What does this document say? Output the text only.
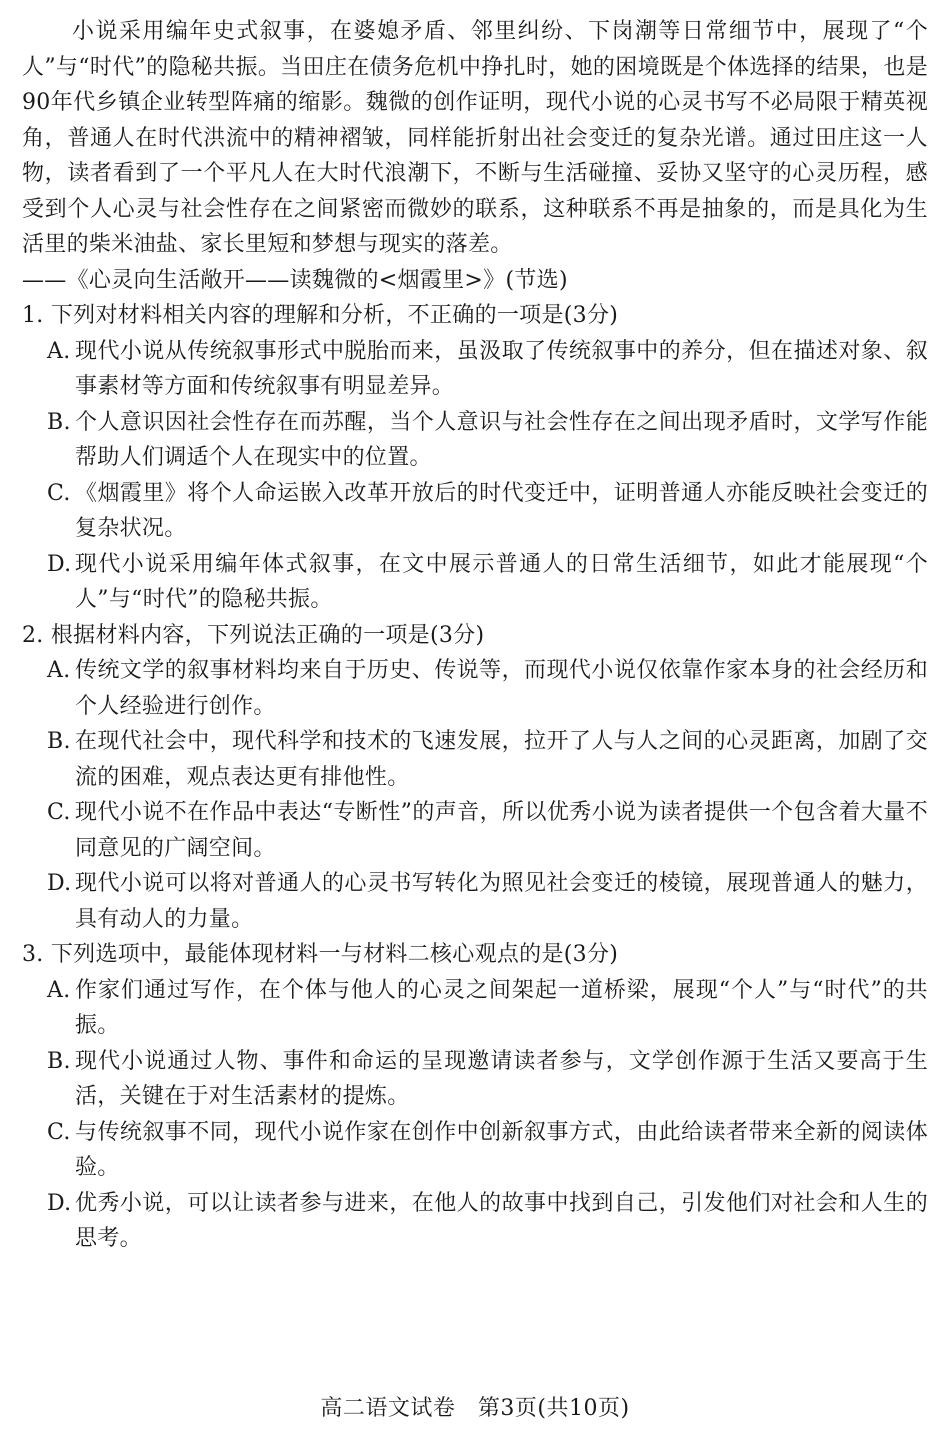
小说采用编年史式叙事，在婆媳矛盾、邻里纠纷、下岗潮等日常细节中，展现了“个人”与“时代”的隐秘共振。当田庄在债务危机中挣扎时，她的困境既是个体选择的结果，也是90年代乡镇企业转型阵痛的缩影。魏微的创作证明，现代小说的心灵书写不必局限于精英视角，普通人在时代洪流中的精神褶皱，同样能折射出社会变迁的复杂光谱。通过田庄这一人物，读者看到了一个平凡人在大时代浪潮下，不断与生活碰撞、妥协又坚守的心灵历程，感受到个人心灵与社会性存在之间紧密而微妙的联系，这种联系不再是抽象的，而是具化为生活里的柴米油盐、家长里短和梦想与现实的落差。

——《心灵向生活敞开——读魏微的<烟霞里>》(节选)

1. 下列对材料相关内容的理解和分析，不正确的一项是(3分)

A. 现代小说从传统叙事形式中脱胎而来，虽汲取了传统叙事中的养分，但在描述对象、叙事素材等方面和传统叙事有明显差异。
B. 个人意识因社会性存在而苏醒，当个人意识与社会性存在之间出现矛盾时，文学写作能帮助人们调适个人在现实中的位置。
C. 《烟霞里》将个人命运嵌入改革开放后的时代变迁中，证明普通人亦能反映社会变迁的复杂状况。
D. 现代小说采用编年体式叙事，在文中展示普通人的日常生活细节，如此才能展现“个人”与“时代”的隐秘共振。

2. 根据材料内容，下列说法正确的一项是(3分)

A. 传统文学的叙事材料均来自于历史、传说等，而现代小说仅依靠作家本身的社会经历和个人经验进行创作。
B. 在现代社会中，现代科学和技术的飞速发展，拉开了人与人之间的心灵距离，加剧了交流的困难，观点表达更有排他性。
C. 现代小说不在作品中表达“专断性”的声音，所以优秀小说为读者提供一个包含着大量不同意见的广阔空间。
D. 现代小说可以将对普通人的心灵书写转化为照见社会变迁的棱镜，展现普通人的魅力，具有动人的力量。

3. 下列选项中，最能体现材料一与材料二核心观点的是(3分)

A. 作家们通过写作，在个体与他人的心灵之间架起一道桥梁，展现“个人”与“时代”的共振。
B. 现代小说通过人物、事件和命运的呈现邀请读者参与，文学创作源于生活又要高于生活，关键在于对生活素材的提炼。
C. 与传统叙事不同，现代小说作家在创作中创新叙事方式，由此给读者带来全新的阅读体验。
D. 优秀小说，可以让读者参与进来，在他人的故事中找到自己，引发他们对社会和人生的思考。
高二语文试卷　第3页(共10页)
